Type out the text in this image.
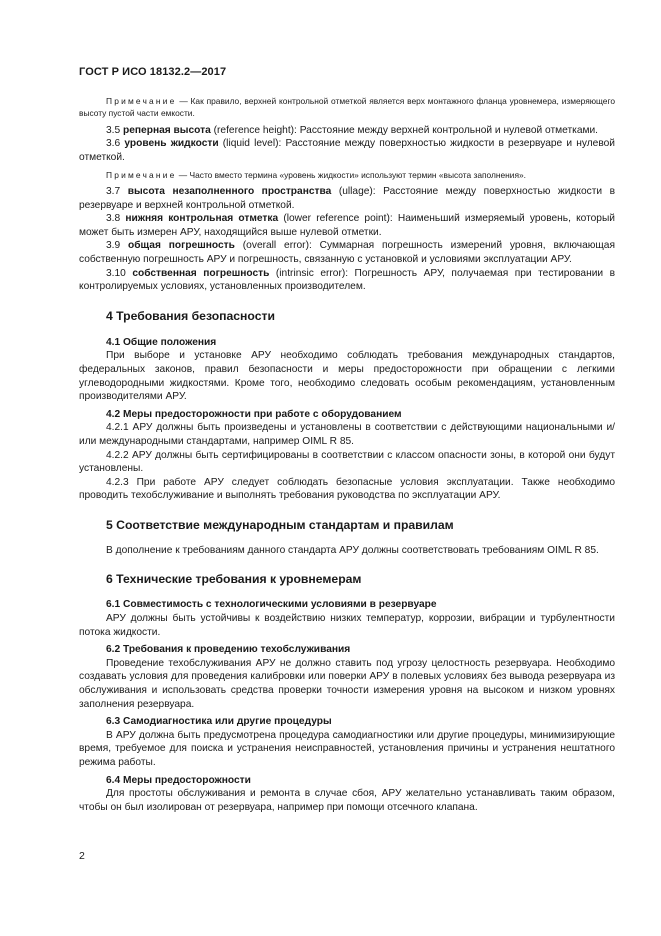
ГОСТ Р ИСО 18132.2—2017

Примечание — Как правило, верхней контрольной отметкой является верх монтажного фланца уровнемера, измеряющего высоту пустой части емкости.

3.5 реперная высота (reference height): Расстояние между верхней контрольной и нулевой отметками.

3.6 уровень жидкости (liquid level): Расстояние между поверхностью жидкости в резервуаре и нулевой отметкой.

Примечание — Часто вместо термина «уровень жидкости» используют термин «высота заполнения».

3.7 высота незаполненного пространства (ullage): Расстояние между поверхностью жидкости в резервуаре и верхней контрольной отметкой.

3.8 нижняя контрольная отметка (lower reference point): Наименьший измеряемый уровень, который может быть измерен АРУ, находящийся выше нулевой отметки.

3.9 общая погрешность (overall error): Суммарная погрешность измерений уровня, включающая собственную погрешность АРУ и погрешность, связанную с установкой и условиями эксплуатации АРУ.

3.10 собственная погрешность (intrinsic error): Погрешность АРУ, получаемая при тестировании в контролируемых условиях, установленных производителем.

4 Требования безопасности

4.1 Общие положения

При выборе и установке АРУ необходимо соблюдать требования международных стандартов, федеральных законов, правил безопасности и меры предосторожности при обращении с легкими углеводородными жидкостями. Кроме того, необходимо следовать особым рекомендациям, установленным производителями АРУ.

4.2 Меры предосторожности при работе с оборудованием

4.2.1 АРУ должны быть произведены и установлены в соответствии с действующими национальными и/или международными стандартами, например OIML R 85.

4.2.2 АРУ должны быть сертифицированы в соответствии с классом опасности зоны, в которой они будут установлены.

4.2.3 При работе АРУ следует соблюдать безопасные условия эксплуатации. Также необходимо проводить техобслуживание и выполнять требования руководства по эксплуатации АРУ.

5 Соответствие международным стандартам и правилам

В дополнение к требованиям данного стандарта АРУ должны соответствовать требованиям OIML R 85.

6 Технические требования к уровнемерам

6.1 Совместимость с технологическими условиями в резервуаре

АРУ должны быть устойчивы к воздействию низких температур, коррозии, вибрации и турбулентности потока жидкости.

6.2 Требования к проведению техобслуживания

Проведение техобслуживания АРУ не должно ставить под угрозу целостность резервуара. Необходимо создавать условия для проведения калибровки или поверки АРУ в полевых условиях без вывода резервуара из обслуживания и использовать средства проверки точности измерения уровня на высоком и низком уровнях заполнения резервуара.

6.3 Самодиагностика или другие процедуры

В АРУ должна быть предусмотрена процедура самодиагностики или другие процедуры, минимизирующие время, требуемое для поиска и устранения неисправностей, установления причины и устранения нештатного режима работы.

6.4 Меры предосторожности

Для простоты обслуживания и ремонта в случае сбоя, АРУ желательно устанавливать таким образом, чтобы он был изолирован от резервуара, например при помощи отсечного клапана.

2
